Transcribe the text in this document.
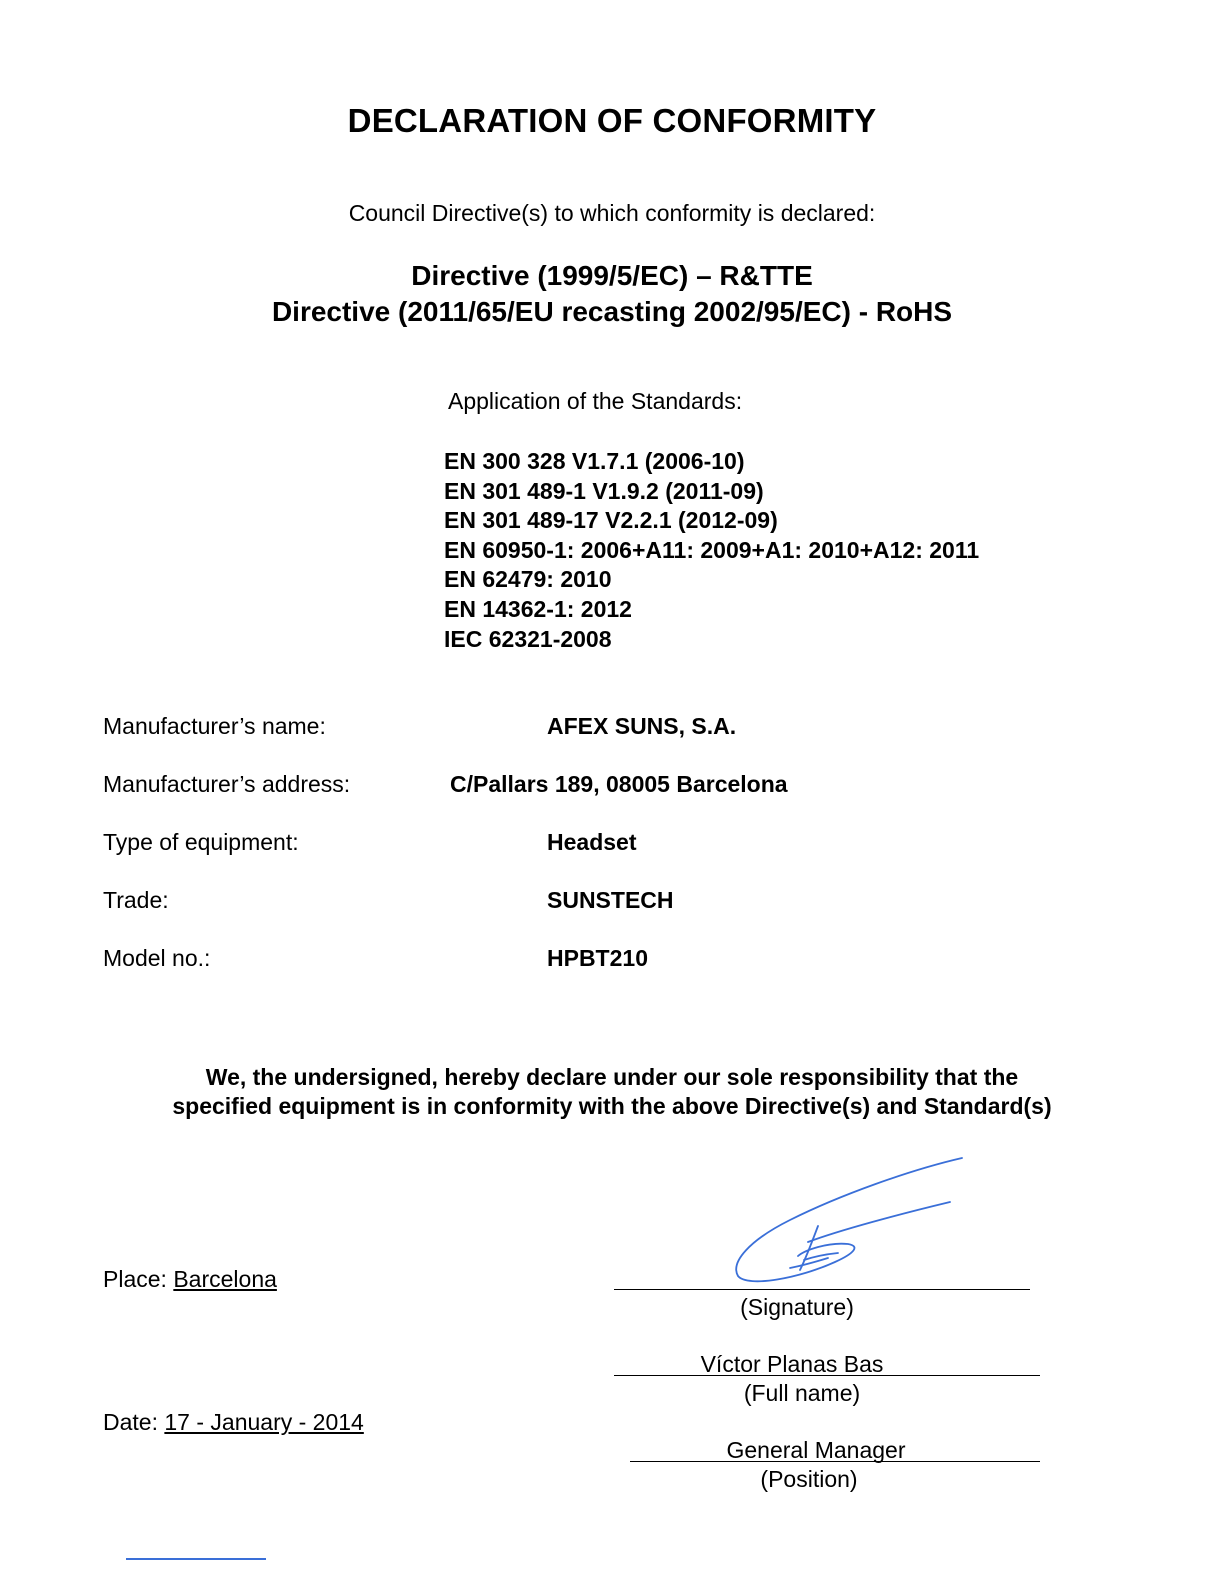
DECLARATION OF CONFORMITY
Council Directive(s) to which conformity is declared:
Directive (1999/5/EC) – R&TTE
Directive (2011/65/EU recasting 2002/95/EC) - RoHS
Application of the Standards:
EN 300 328 V1.7.1 (2006-10)
EN 301 489-1 V1.9.2 (2011-09)
EN 301 489-17 V2.2.1 (2012-09)
EN 60950-1: 2006+A11: 2009+A1: 2010+A12: 2011
EN 62479: 2010
EN 14362-1: 2012
IEC 62321-2008
Manufacturer’s name:	AFEX SUNS, S.A.
Manufacturer’s address:	C/Pallars 189, 08005 Barcelona
Type of equipment:	Headset
Trade:	SUNSTECH
Model no.:	HPBT210
We, the undersigned, hereby declare under our sole responsibility that the
specified equipment is in conformity with the above Directive(s) and Standard(s)
Place: Barcelona
Date: 17 - January - 2014
(Signature)
Víctor Planas Bas
(Full name)
General Manager
(Position)
